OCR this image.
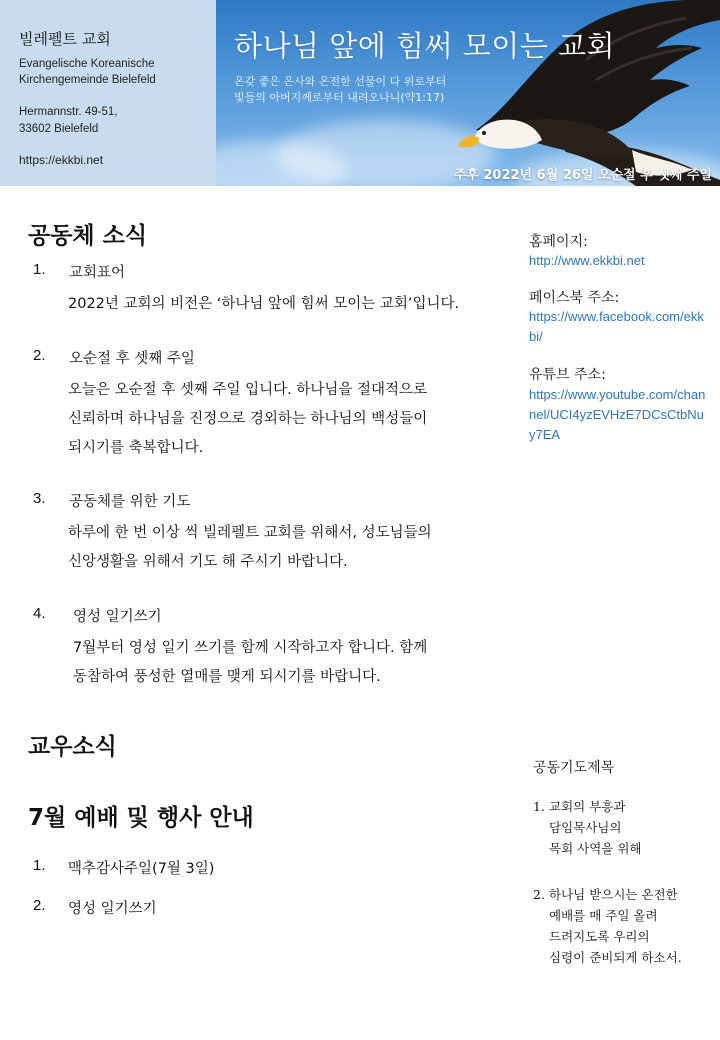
빌레펠트 교회
Evangelische Koreanische
Kirchengemeinde Bielefeld
Hermannstr. 49-51,
33602 Bielefeld
https://ekkbi.net
하나님 앞에 힘써 모이는 교회
온갖 좋은 은사와 온전한 선물이 다 위로부터
빛들의 아버지께로부터 내려오나니(약1:17)
주후 2022년 6월 26일 오순절 후 셋째 주일
공동체 소식
1. 교회표어
2022년 교회의 비전은 ‘하나님 앞에 힘써 모이는 교회’입니다.
2. 오순절 후 셋째 주일
오늘은 오순절 후 셋째 주일 입니다. 하나님을 절대적으로
신뢰하며 하나님을 진정으로 경외하는 하나님의 백성들이
되시기를 축복합니다.
3. 공동체를 위한 기도
하루에 한 번 이상 씩 빌레펠트 교회를 위해서, 성도님들의
신앙생활을 위해서 기도 해 주시기 바랍니다.
4. 영성 일기쓰기
7월부터 영성 일기 쓰기를 함께 시작하고자 합니다. 함께
동참하여 풍성한 열매를 맺게 되시기를 바랍니다.
교우소식
7월 예배 및 행사 안내
1. 맥추감사주일(7월 3일)
2. 영성 일기쓰기
홈페이지:
http://www.ekkbi.net
페이스북 주소:
https://www.facebook.com/ekkbi/
유튜브 주소:
https://www.youtube.com/channel/UCI4yzEVHzE7DCsCtbNuy7EA
공동기도제목
1. 교회의 부흥과
담임목사님의
목회 사역을 위해
2. 하나님 받으시는 온전한
예배를 매 주일 올려
드려지도록 우리의
심령이 준비되게 하소서.
